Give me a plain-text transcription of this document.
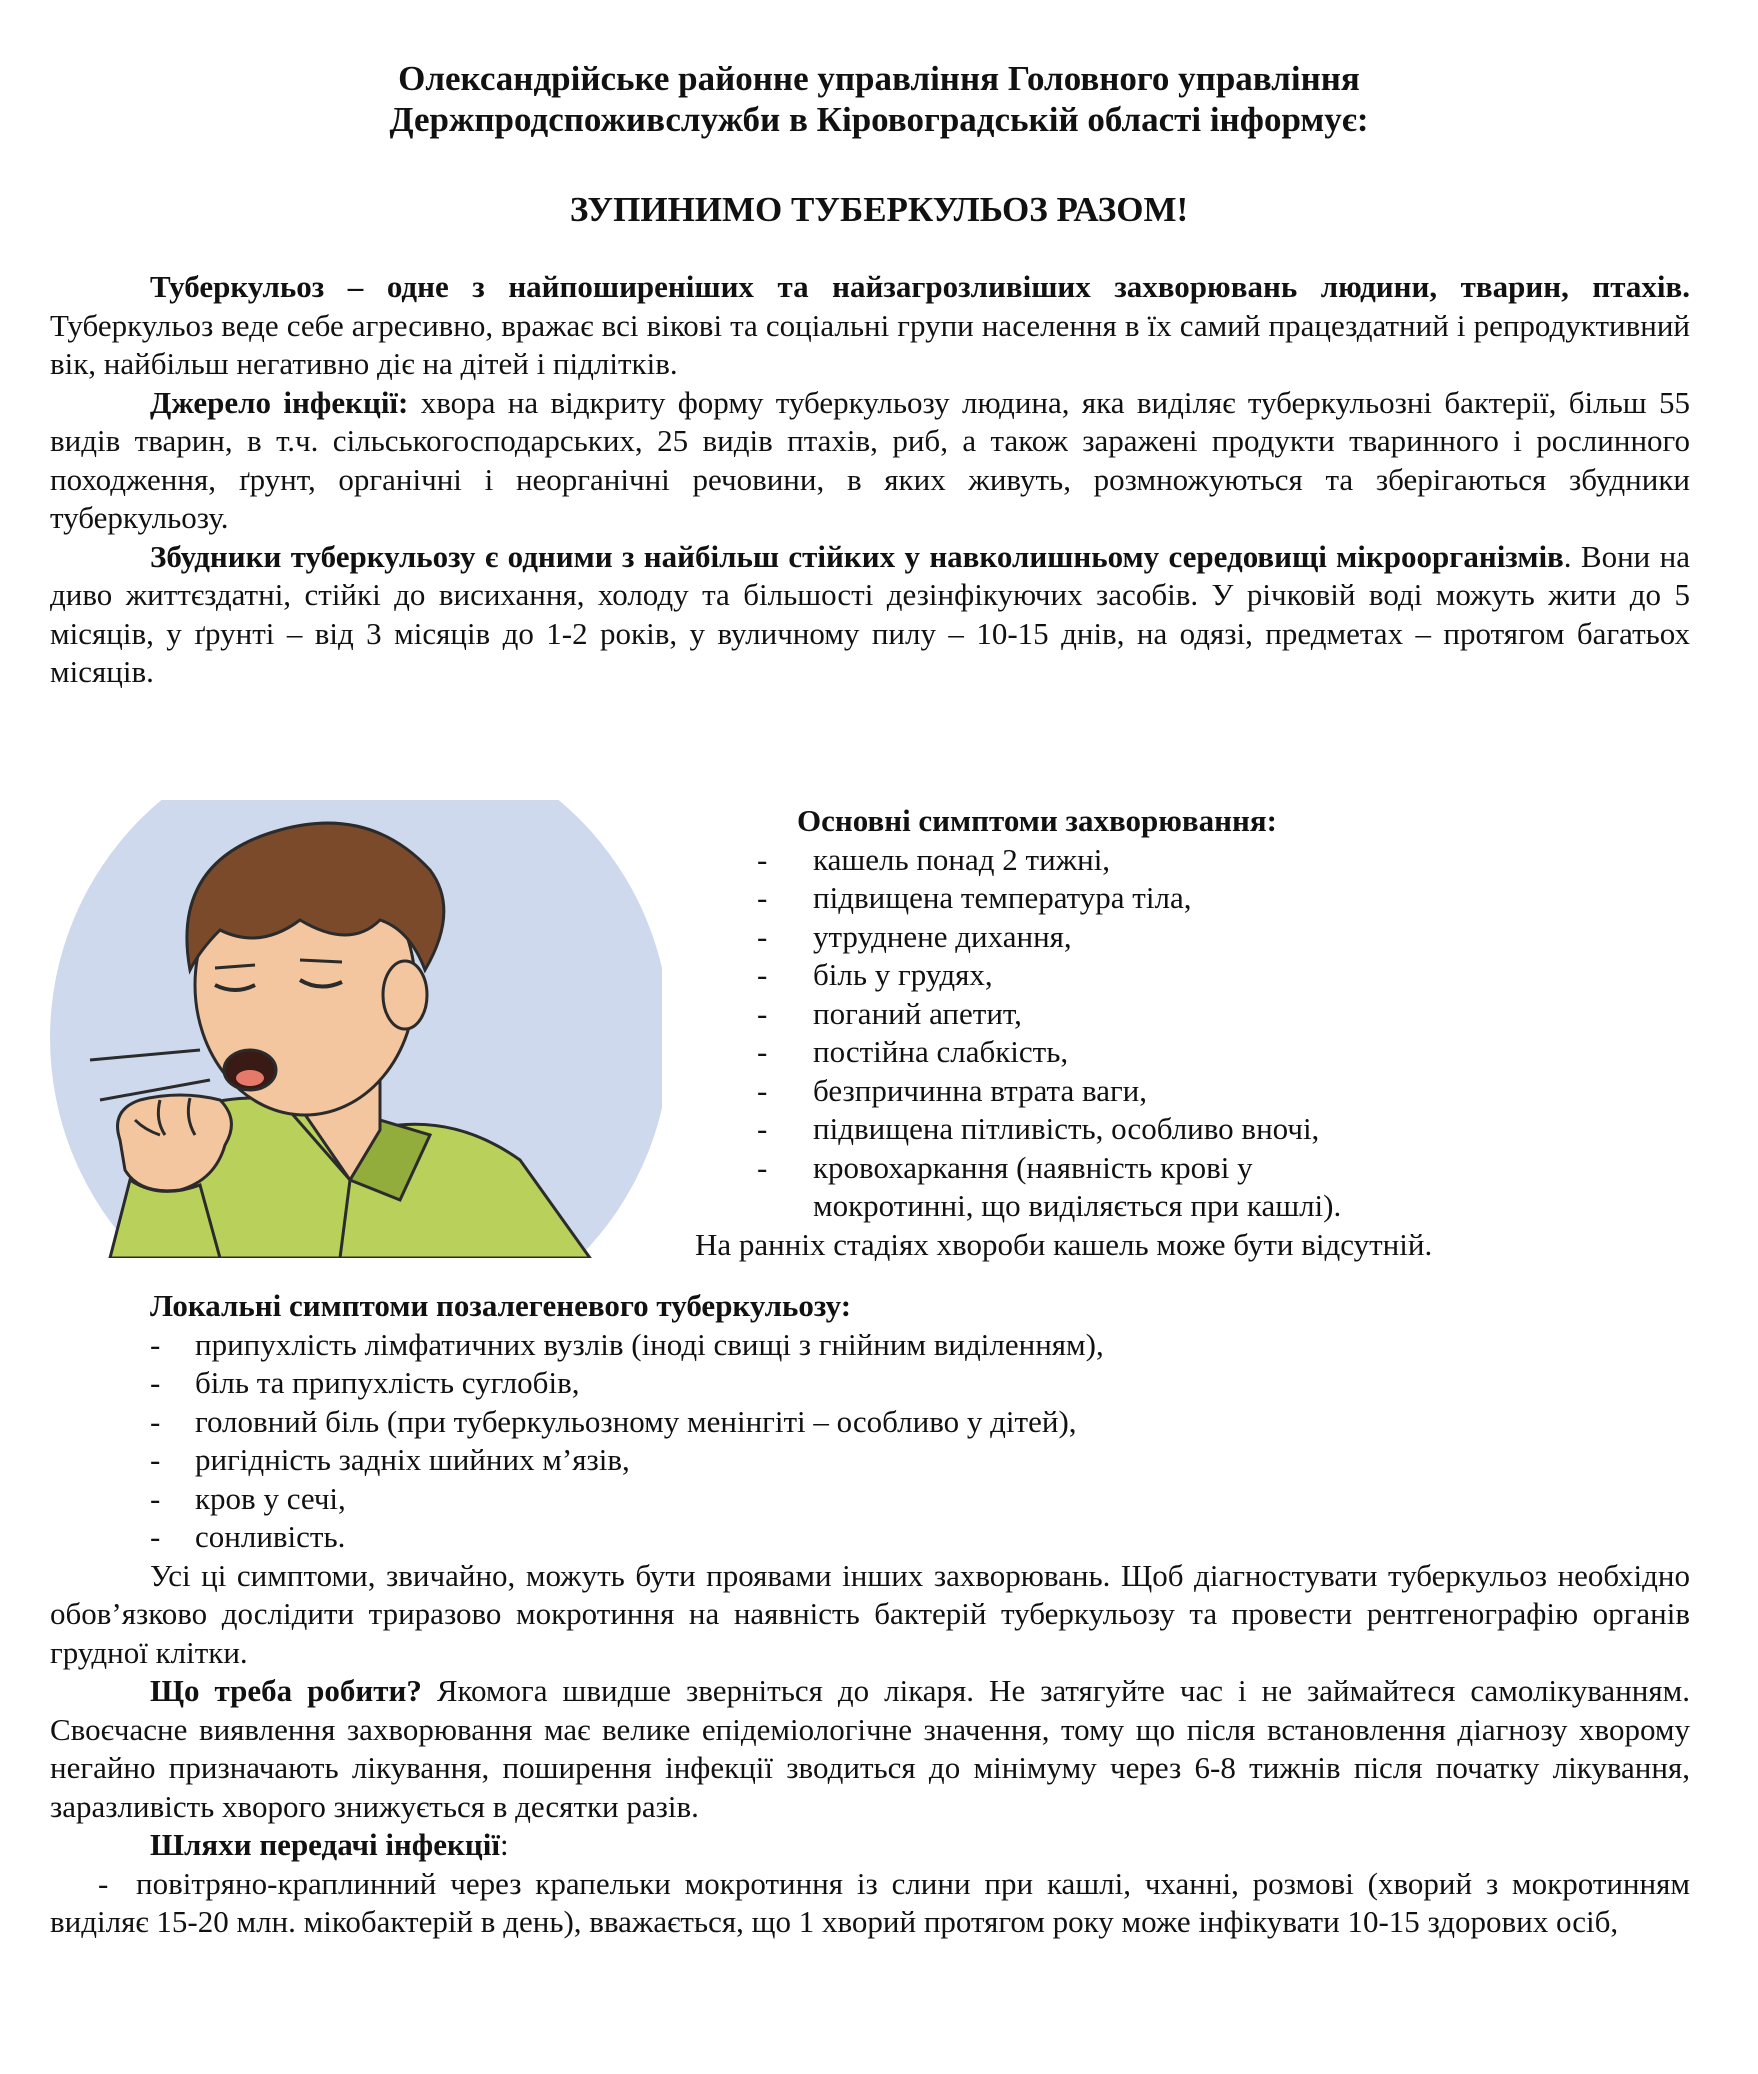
Олександрійське районне управління Головного управління
Держпродспоживслужби в Кіровоградській області інформує:
ЗУПИНИМО ТУБЕРКУЛЬОЗ РАЗОМ!

Туберкульоз – одне з найпоширеніших та найзагрозливіших захворювань людини, тварин, птахів. Туберкульоз веде себе агресивно, вражає всі вікові та соціальні групи населення в їх самий працездатний і репродуктивний вік, найбільш негативно діє на дітей і підлітків.

Джерело інфекції: хвора на відкриту форму туберкульозу людина, яка виділяє туберкульозні бактерії, більш 55 видів тварин, в т.ч. сільськогосподарських, 25 видів птахів, риб, а також заражені продукти тваринного і рослинного походження, ґрунт, органічні і неорганічні речовини, в яких живуть, розмножуються та зберігаються збудники туберкульозу.

Збудники туберкульозу є одними з найбільш стійких у навколишньому середовищі мікроорганізмів. Вони на диво життєздатні, стійкі до висихання, холоду та більшості дезінфікуючих засобів. У річковій воді можуть жити до 5 місяців, у ґрунті – від 3 місяців до 1-2 років, у вуличному пилу – 10-15 днів, на одязі, предметах – протягом багатьох місяців.

Основні симптоми захворювання:
- кашель понад 2 тижні,
- підвищена температура тіла,
- утруднене дихання,
- біль у грудях,
- поганий апетит,
- постійна слабкість,
- безпричинна втрата ваги,
- підвищена пітливість, особливо вночі,
- кровохаркання (наявність крові у мокротинні, що виділяється при кашлі).
На ранніх стадіях хвороби кашель може бути відсутній.

Локальні симптоми позалегеневого туберкульозу:

- припухлість лімфатичних вузлів (іноді свищі з гнійним виділенням),
- біль та припухлість суглобів,
- головний біль (при туберкульозному менінгіті – особливо у дітей),
- ригідність задніх шийних м’язів,
- кров у сечі,
- сонливість.

Усі ці симптоми, звичайно, можуть бути проявами інших захворювань. Щоб діагностувати туберкульоз необхідно обов’язково дослідити триразово мокротиння на наявність бактерій туберкульозу та провести рентгенографію органів грудної клітки.

Що треба робити? Якомога швидше зверніться до лікаря. Не затягуйте час і не займайтеся самолікуванням. Своєчасне виявлення захворювання має велике епідеміологічне значення, тому що після встановлення діагнозу хворому негайно призначають лікування, поширення інфекції зводиться до мінімуму через 6-8 тижнів після початку лікування, заразливість хворого знижується в десятки разів.

Шляхи передачі інфекції:

- повітряно-краплинний через крапельки мокротиння із слини при кашлі, чханні, розмові (хворий з мокротинням виділяє 15-20 млн. мікобактерій в день), вважається, що 1 хворий протягом року може інфікувати 10-15 здорових осіб,
